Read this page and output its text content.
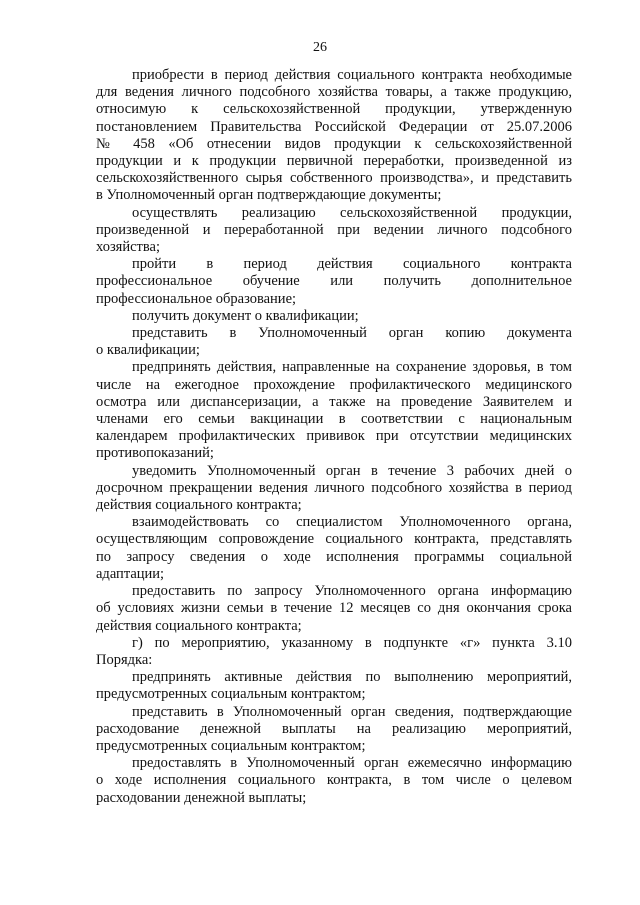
26
приобрести в период действия социального контракта необходимые
для ведения личного подсобного хозяйства товары, а также продукцию,
относимую к сельскохозяйственной продукции, утвержденную
постановлением Правительства Российской Федерации от 25.07.2006
№ 458 «Об отнесении видов продукции к сельскохозяйственной
продукции и к продукции первичной переработки, произведенной из
сельскохозяйственного сырья собственного производства», и представить
в Уполномоченный орган подтверждающие документы;
осуществлять реализацию сельскохозяйственной продукции,
произведенной и переработанной при ведении личного подсобного
хозяйства;
пройти в период действия социального контракта
профессиональное обучение или получить дополнительное
профессиональное образование;
получить документ о квалификации;
представить в Уполномоченный орган копию документа
о квалификации;
предпринять действия, направленные на сохранение здоровья, в том
числе на ежегодное прохождение профилактического медицинского
осмотра или диспансеризации, а также на проведение Заявителем и
членами его семьи вакцинации в соответствии с национальным
календарем профилактических прививок при отсутствии медицинских
противопоказаний;
уведомить Уполномоченный орган в течение 3 рабочих дней о
досрочном прекращении ведения личного подсобного хозяйства в период
действия социального контракта;
взаимодействовать со специалистом Уполномоченного органа,
осуществляющим сопровождение социального контракта, представлять
по запросу сведения о ходе исполнения программы социальной
адаптации;
предоставить по запросу Уполномоченного органа информацию
об условиях жизни семьи в течение 12 месяцев со дня окончания срока
действия социального контракта;
г) по мероприятию, указанному в подпункте «г» пункта 3.10
Порядка:
предпринять активные действия по выполнению мероприятий,
предусмотренных социальным контрактом;
представить в Уполномоченный орган сведения, подтверждающие
расходование денежной выплаты на реализацию мероприятий,
предусмотренных социальным контрактом;
предоставлять в Уполномоченный орган ежемесячно информацию
о ходе исполнения социального контракта, в том числе о целевом
расходовании денежной выплаты;
